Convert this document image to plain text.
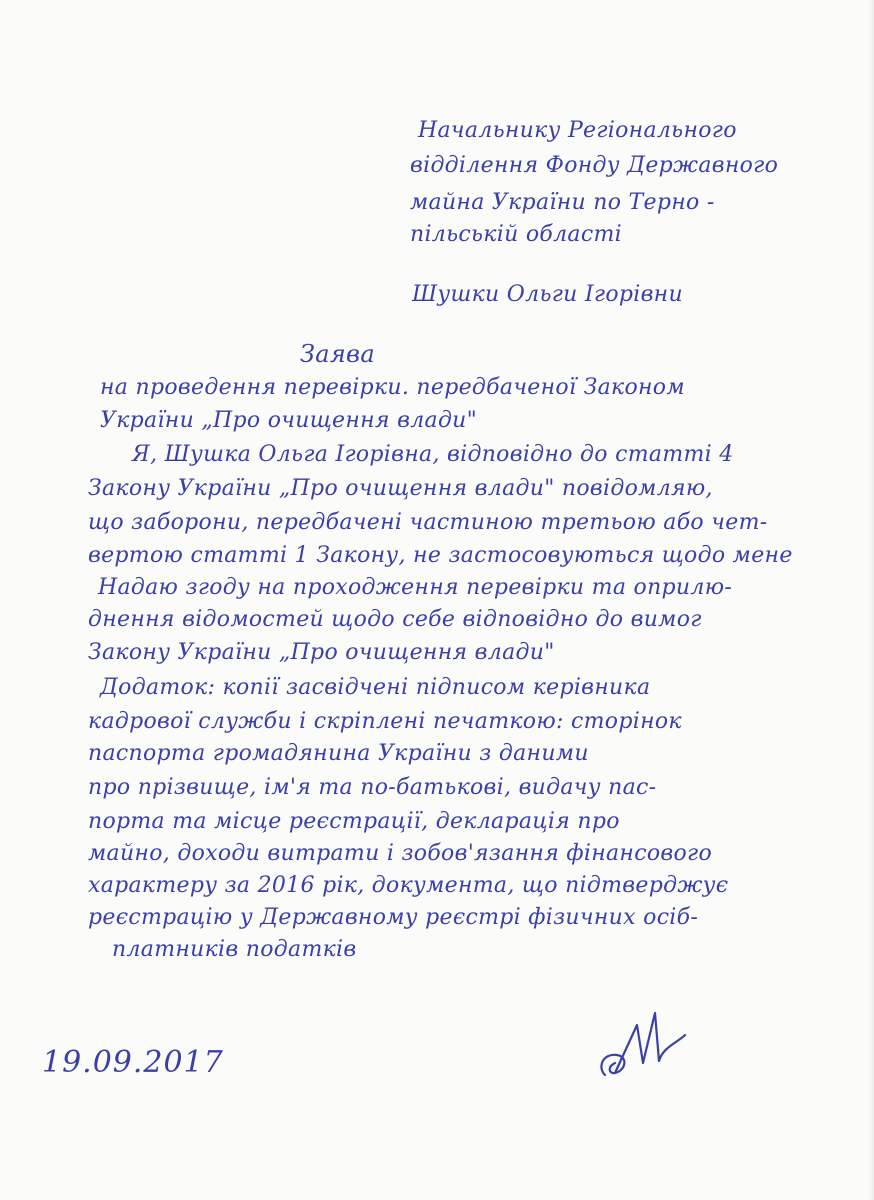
Начальнику Регіонального
відділення Фонду Державного
майна України по Терно -
пільській області
Шушки Ольги Ігорівни
Заява
на проведення перевірки. передбаченої Законом
України „Про очищення влади"
Я, Шушка Ольга Ігорівна, відповідно до статті 4
Закону України „Про очищення влади" повідомляю,
що заборони, передбачені частиною третьою або чет-
вертою статті 1 Закону, не застосовуються щодо мене
Надаю згоду на проходження перевірки та оприлю-
днення відомостей щодо себе відповідно до вимог
Закону України „Про очищення влади"
Додаток: копії засвідчені підписом керівника
кадрової служби і скріплені печаткою: сторінок
паспорта громадянина України з даними
про прізвище, ім'я та по-батькові, видачу пас-
порта та місце реєстрації, декларація про
майно, доходи витрати і зобов'язання фінансового
характеру за 2016 рік, документа, що підтверджує
реєстрацію у Державному реєстрі фізичних осіб-
платників податків
19.09.2017
